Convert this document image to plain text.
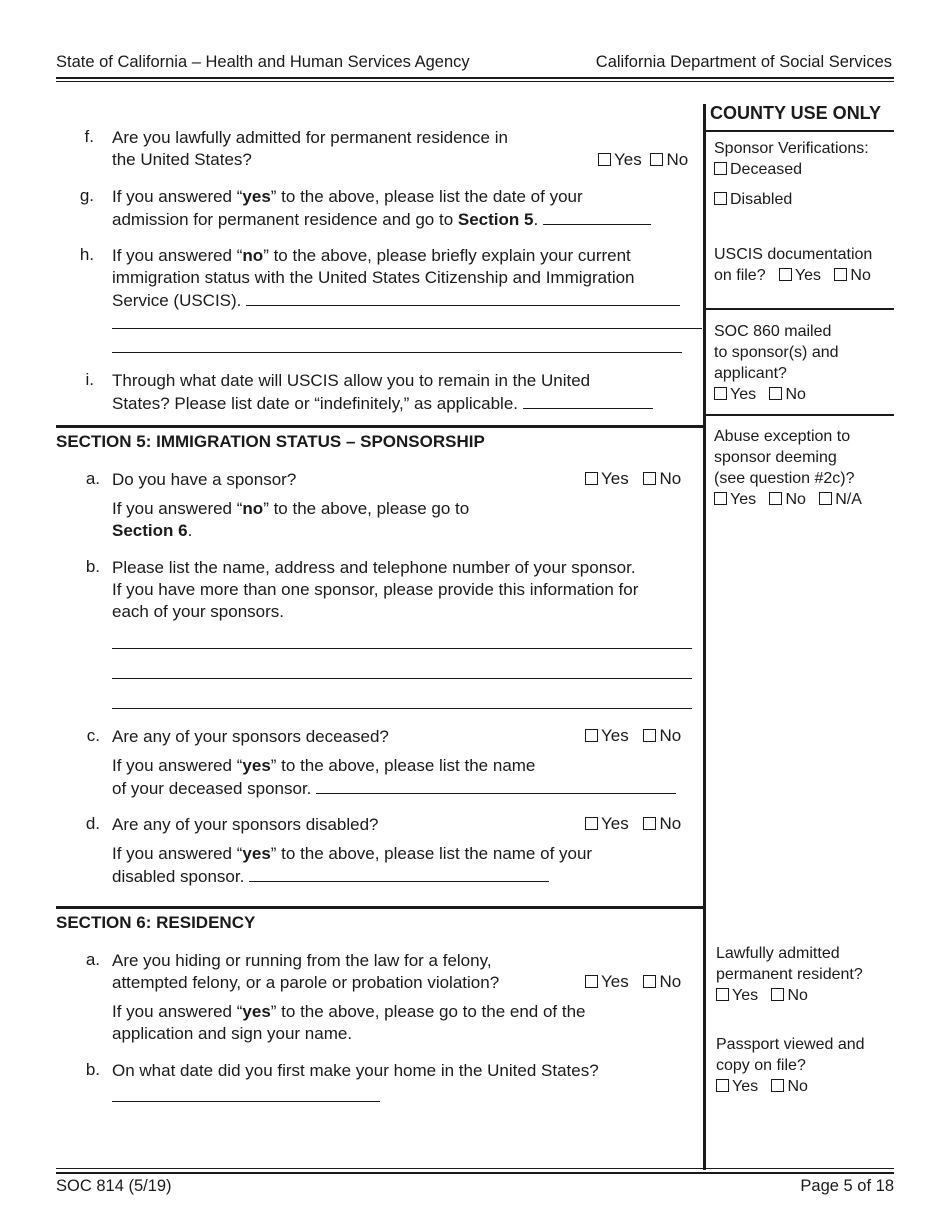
State of California – Health and Human Services Agency	California Department of Social Services
COUNTY USE ONLY
Sponsor Verifications:
Deceased
Disabled
USCIS documentation
on file? Yes No
SOC 860 mailed
to sponsor(s) and
applicant?
Yes No
Abuse exception to
sponsor deeming
(see question #2c)?
Yes No N/A
Lawfully admitted
permanent resident?
Yes No
Passport viewed and
copy on file?
Yes No
f. Are you lawfully admitted for permanent residence in
the United States?	Yes No
g. If you answered “yes” to the above, please list the date of your
admission for permanent residence and go to Section 5.
h. If you answered “no” to the above, please briefly explain your current
immigration status with the United States Citizenship and Immigration
Service (USCIS).
i. Through what date will USCIS allow you to remain in the United
States? Please list date or “indefinitely,” as applicable.
SECTION 5: IMMIGRATION STATUS – SPONSORSHIP
a. Do you have a sponsor?	Yes No
If you answered “no” to the above, please go to
Section 6.
b. Please list the name, address and telephone number of your sponsor.
If you have more than one sponsor, please provide this information for
each of your sponsors.
c. Are any of your sponsors deceased?	Yes No
If you answered “yes” to the above, please list the name
of your deceased sponsor.
d. Are any of your sponsors disabled?	Yes No
If you answered “yes” to the above, please list the name of your
disabled sponsor.
SECTION 6: RESIDENCY
a. Are you hiding or running from the law for a felony,
attempted felony, or a parole or probation violation?	Yes No
If you answered “yes” to the above, please go to the end of the
application and sign your name.
b. On what date did you first make your home in the United States?
SOC 814 (5/19)	Page 5 of 18
